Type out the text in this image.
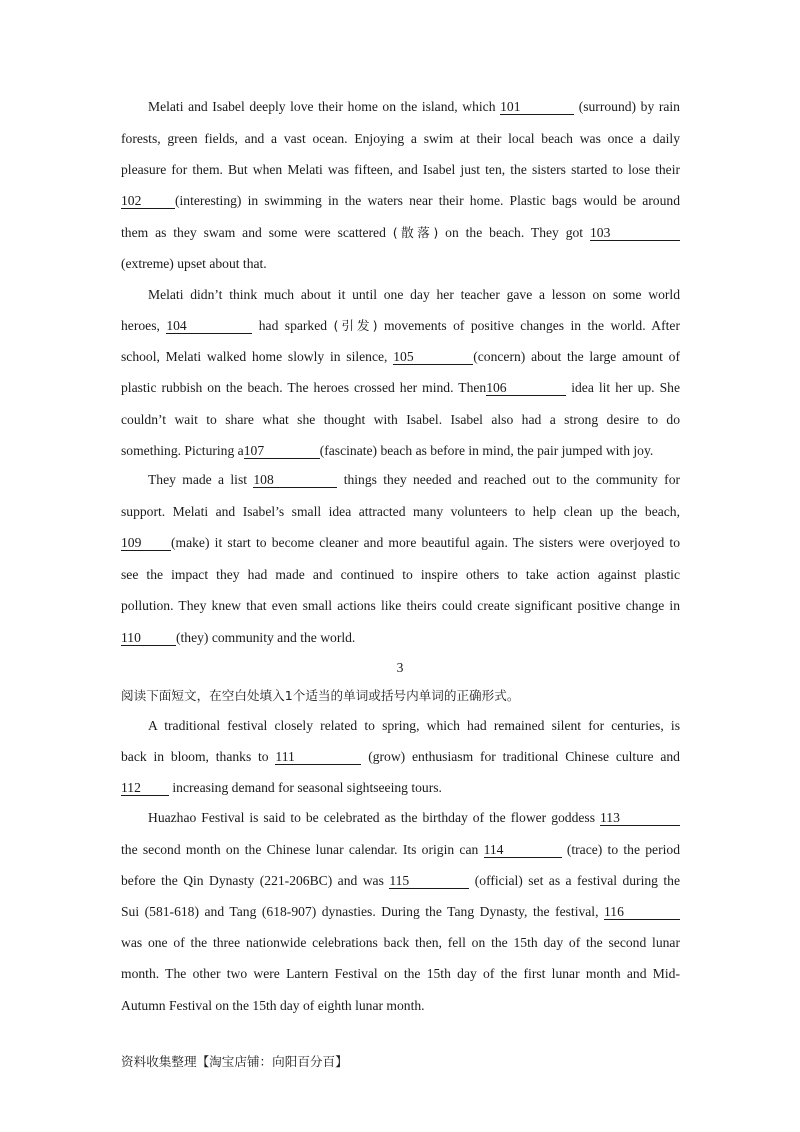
Melati and Isabel deeply love their home on the island, which 101	(surround) by rain
forests, green fields, and a vast ocean. Enjoying a swim at their local beach was once a daily
pleasure for them. But when Melati was fifteen, and Isabel just ten, the sisters started to lose their
102 (interesting) in swimming in the waters near their home. Plastic bags would be around
them as they swam and some were scattered (散落) on the beach. They got 103
(extreme) upset about that.
Melati didn’t think much about it until one day her teacher gave a lesson on some world
heroes, 104	had sparked (引发) movements of positive changes in the world. After
school, Melati walked home slowly in silence, 105	(concern) about the large amount of
plastic rubbish on the beach. The heroes crossed her mind. Then106	idea lit her up. She
couldn’t wait to share what she thought with Isabel. Isabel also had a strong desire to do
something. Picturing a107	(fascinate) beach as before in mind, the pair jumped with joy.
They made a list 108	things they needed and reached out to the community for
support. Melati and Isabel’s small idea attracted many volunteers to help clean up the beach,
109 (make) it start to become cleaner and more beautiful again. The sisters were overjoyed to
see the impact they had made and continued to inspire others to take action against plastic
pollution. They knew that even small actions like theirs could create significant positive change in
110	(they) community and the world.
3
阅读下面短文，在空白处填入1个适当的单词或括号内单词的正确形式。
A traditional festival closely related to spring, which had remained silent for centuries, is
back in bloom, thanks to 111	(grow) enthusiasm for traditional Chinese culture and
112 increasing demand for seasonal sightseeing tours.
Huazhao Festival is said to be celebrated as the birthday of the flower goddess 113
the second month on the Chinese lunar calendar. Its origin can 114	(trace) to the period
before the Qin Dynasty (221-206BC) and was 115	(official) set as a festival during the
Sui (581-618) and Tang (618-907) dynasties. During the Tang Dynasty, the festival, 116
was one of the three nationwide celebrations back then, fell on the 15th day of the second lunar
month. The other two were Lantern Festival on the 15th day of the first lunar month and Mid-
Autumn Festival on the 15th day of eighth lunar month.
资料收集整理【淘宝店铺：向阳百分百】
